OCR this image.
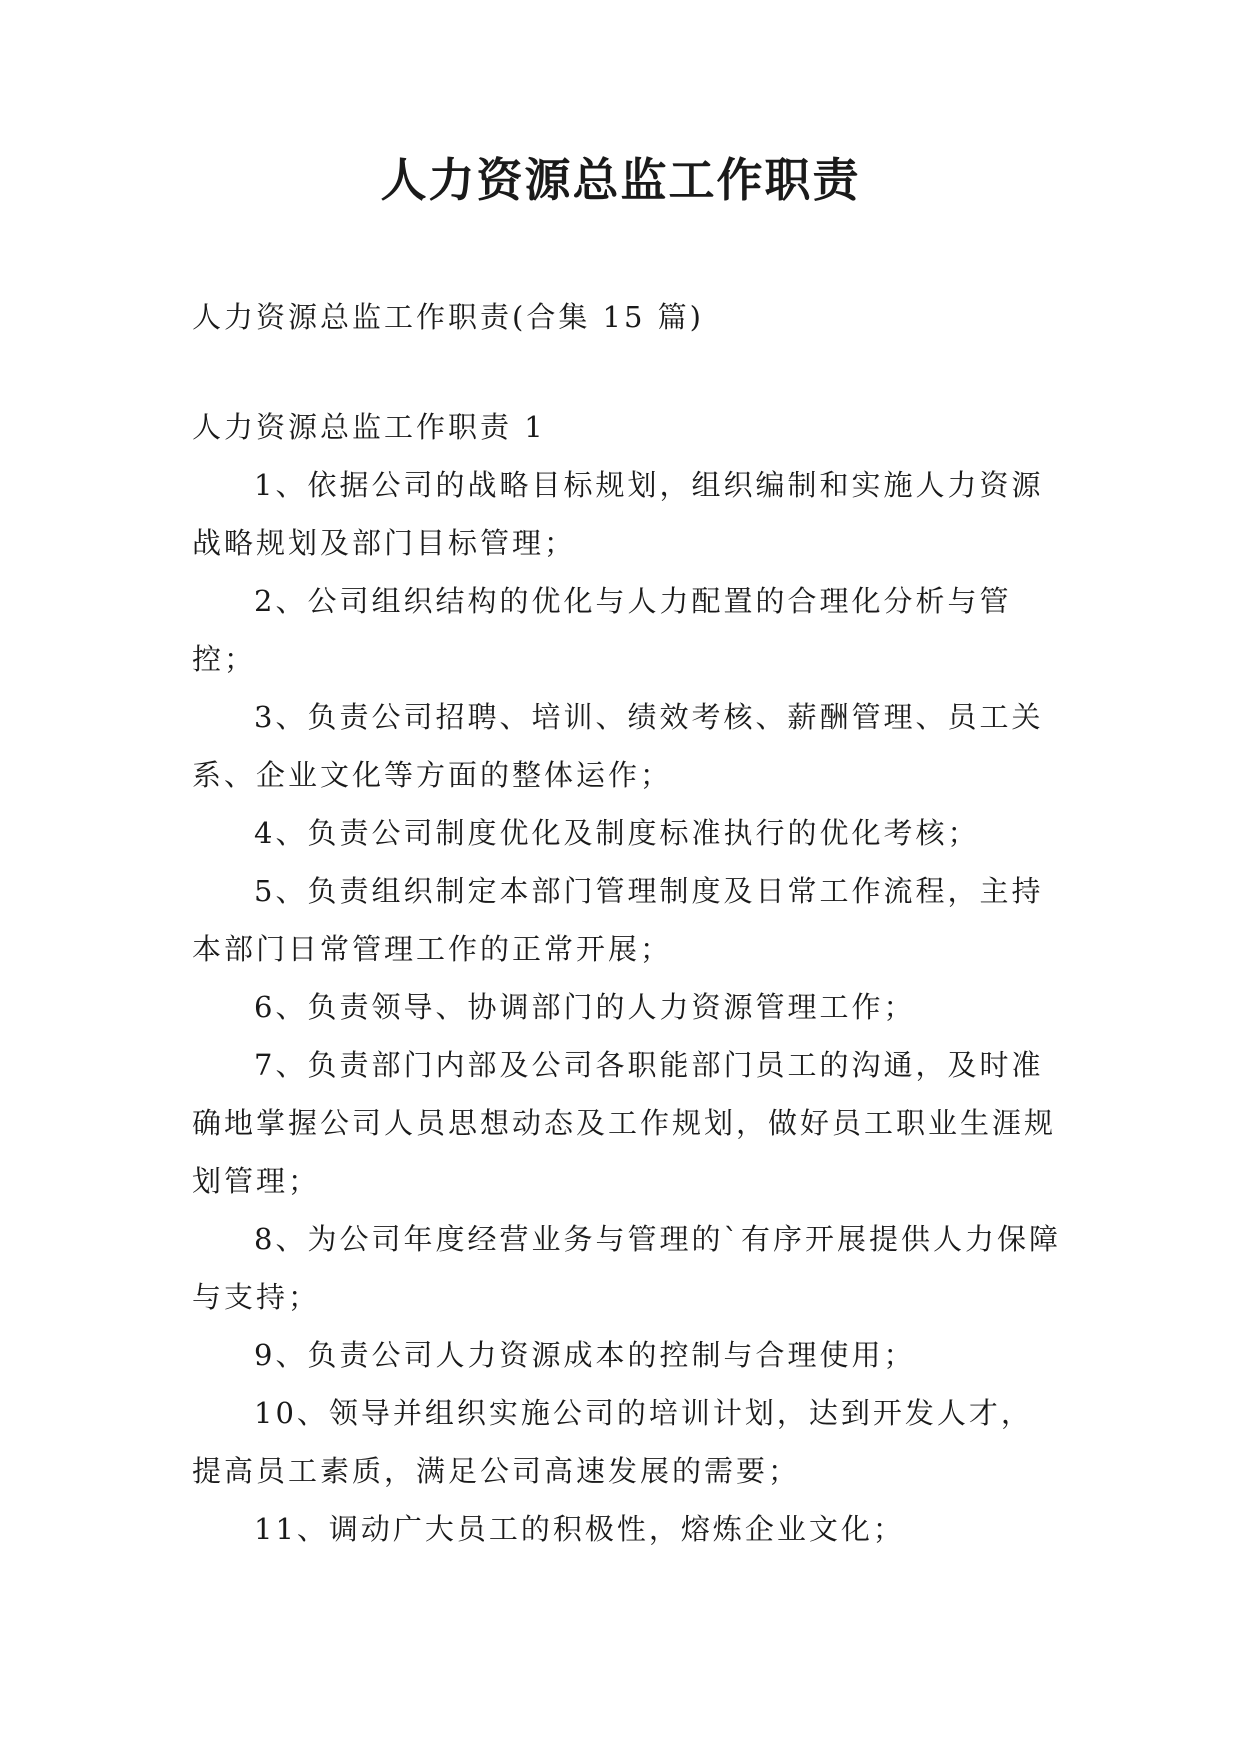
人力资源总监工作职责

人力资源总监工作职责(合集 15 篇)

人力资源总监工作职责 1

1、依据公司的战略目标规划，组织编制和实施人力资源战略规划及部门目标管理；

2、公司组织结构的优化与人力配置的合理化分析与管控；

3、负责公司招聘、培训、绩效考核、薪酬管理、员工关系、企业文化等方面的整体运作；

4、负责公司制度优化及制度标准执行的优化考核；

5、负责组织制定本部门管理制度及日常工作流程，主持本部门日常管理工作的正常开展；

6、负责领导、协调部门的人力资源管理工作；

7、负责部门内部及公司各职能部门员工的沟通，及时准确地掌握公司人员思想动态及工作规划，做好员工职业生涯规划管理；

8、为公司年度经营业务与管理的`有序开展提供人力保障与支持；

9、负责公司人力资源成本的控制与合理使用；

10、领导并组织实施公司的培训计划，达到开发人才，提高员工素质，满足公司高速发展的需要；

11、调动广大员工的积极性，熔炼企业文化；
